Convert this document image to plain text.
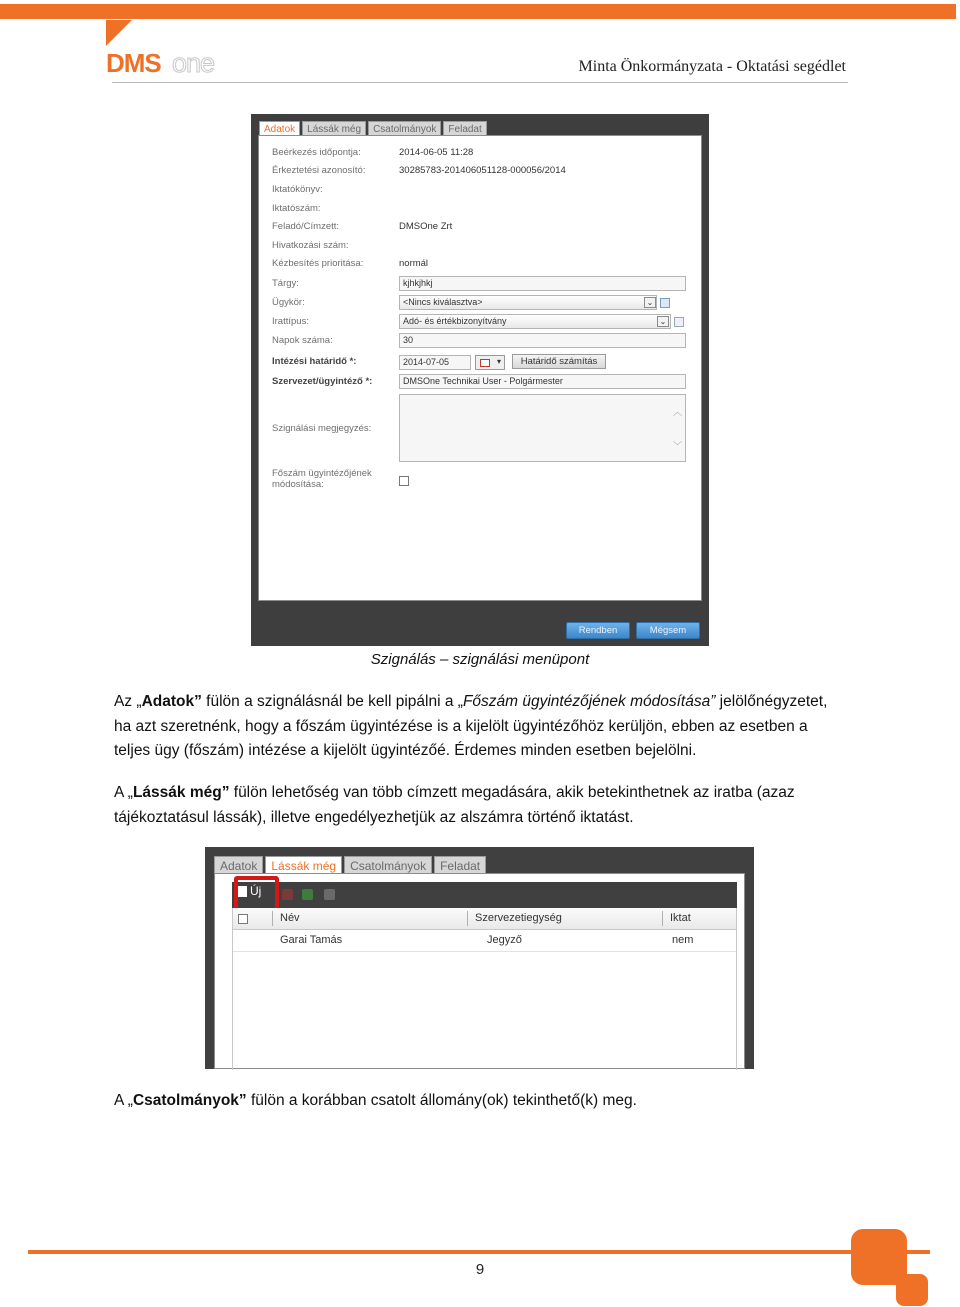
DMS one	Minta Önkormányzata - Oktatási segédlet
Adatok	Lássák még	Csatolmányok	Feladat
Beérkezés időpontja:	2014-06-05 11:28
Érkeztetési azonosító:	30285783-201406051128-000056/2014
Iktatókönyv:
Iktatószám:
Feladó/Címzett:	DMSOne Zrt
Hivatkozási szám:
Kézbesítés prioritása:	normál
Tárgy:	kjhkjhkj
Ügykör:	<Nincs kiválasztva>	⌄
Irattípus:	Adó- és értékbizonyítvány	⌄
Napok száma:	30
Intézési határidő *:	2014-07-05	▾	Határidő számítás
Szervezet/ügyintéző *:	DMSOne Technikai User - Polgármester
Szignálási megjegyzés:
︿
﹀
Főszám ügyintézőjének
módosítása:
Rendben	Mégsem
Szignálás – szignálási menüpont
Az „Adatok” fülön a szignálásnál be kell pipálni a „Főszám ügyintézőjének módosítása” jelölőnégyzetet,
ha azt szeretnénk, hogy a főszám ügyintézése is a kijelölt ügyintézőhöz kerüljön, ebben az esetben a
teljes ügy (főszám) intézése a kijelölt ügyintézőé. Érdemes minden esetben bejelölni.
A „Lássák még” fülön lehetőség van több címzett megadására, akik betekinthetnek az iratba (azaz
tájékoztatásul lássák), illetve engedélyezhetjük az alszámra történő iktatást.
Adatok	Lássák még	Csatolmányok	Feladat
Új
Név	Szervezetiegység	Iktat
Garai Tamás	Jegyző	nem
A „Csatolmányok” fülön a korábban csatolt állomány(ok) tekinthető(k) meg.
9
